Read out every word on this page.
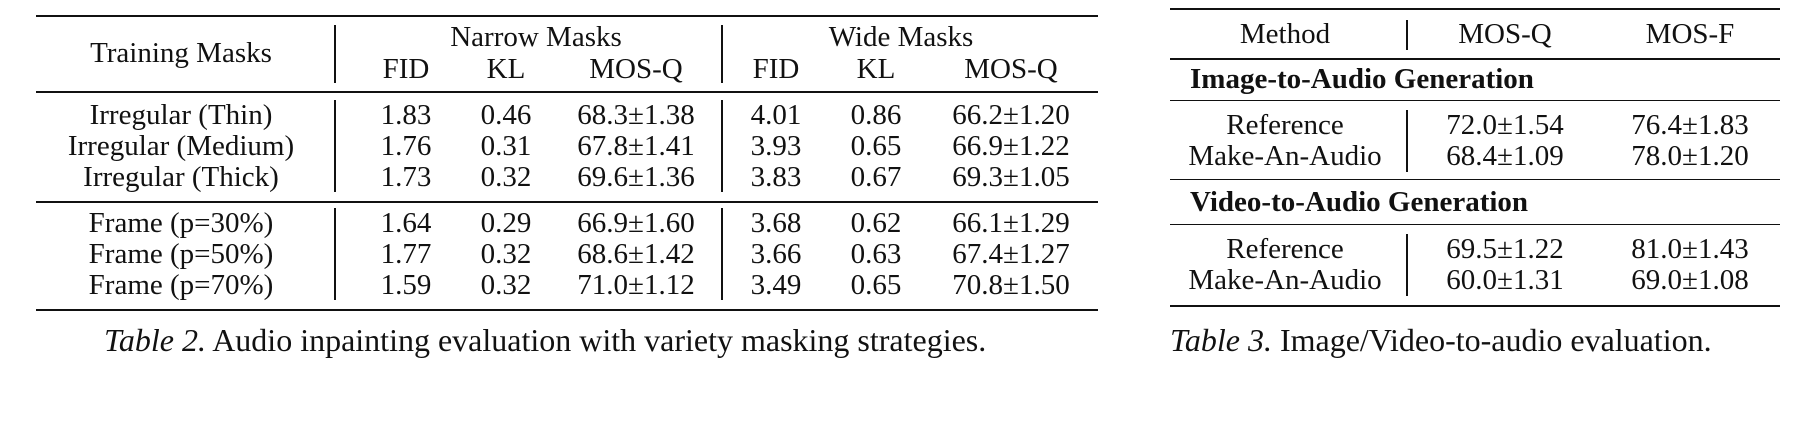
Training Masks	Narrow Masks	Wide Masks
FID	KL	MOS-Q	FID	KL	MOS-Q
Irregular (Thin)	1.83	0.46	68.3±1.38	4.01	0.86	66.2±1.20
Irregular (Medium)	1.76	0.31	67.8±1.41	3.93	0.65	66.9±1.22
Irregular (Thick)	1.73	0.32	69.6±1.36	3.83	0.67	69.3±1.05
Frame (p=30%)	1.64	0.29	66.9±1.60	3.68	0.62	66.1±1.29
Frame (p=50%)	1.77	0.32	68.6±1.42	3.66	0.63	67.4±1.27
Frame (p=70%)	1.59	0.32	71.0±1.12	3.49	0.65	70.8±1.50
Table 2. Audio inpainting evaluation with variety masking strategies.
Method	MOS-Q	MOS-F
Image-to-Audio Generation
Reference	72.0±1.54	76.4±1.83
Make-An-Audio	68.4±1.09	78.0±1.20
Video-to-Audio Generation
Reference	69.5±1.22	81.0±1.43
Make-An-Audio	60.0±1.31	69.0±1.08
Table 3. Image/Video-to-audio evaluation.
